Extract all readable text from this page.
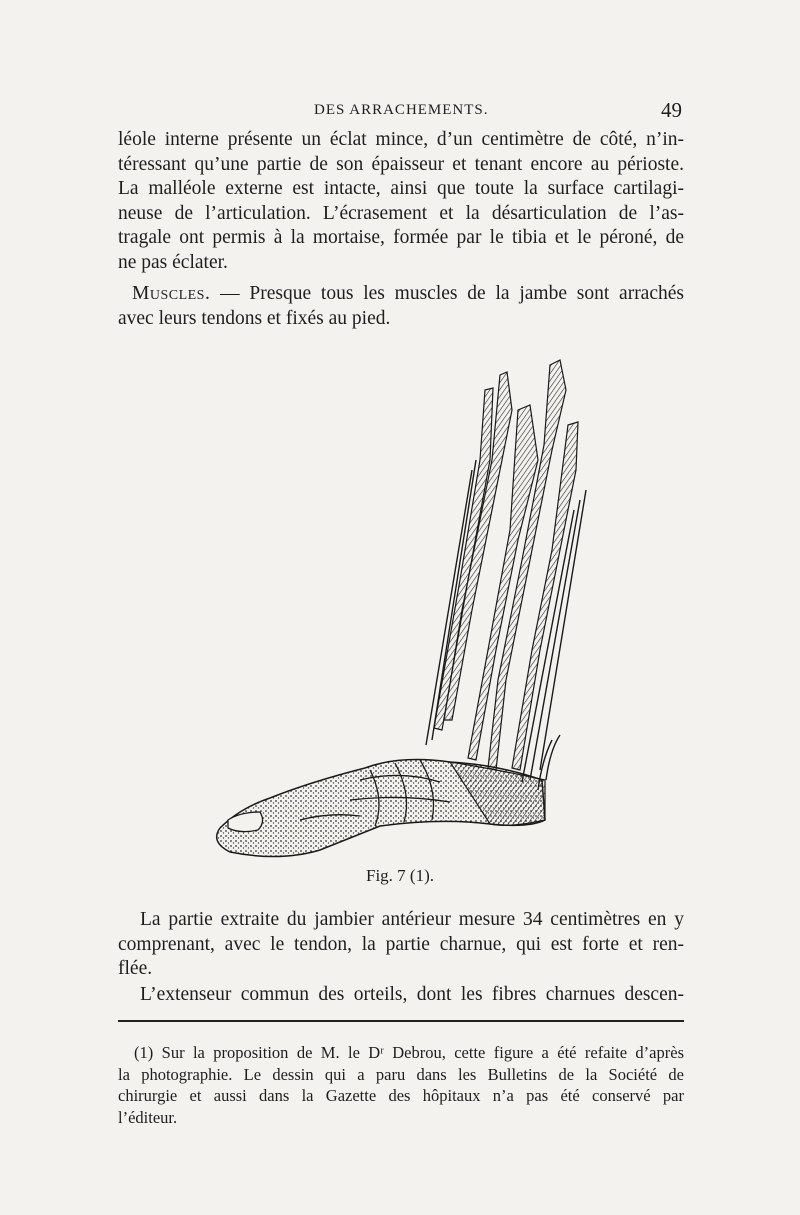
DES ARRACHEMENTS.	49

léole interne présente un éclat mince, d’un centimètre de côté, n’in-
téressant qu’une partie de son épaisseur et tenant encore au périoste.
La malléole externe est intacte, ainsi que toute la surface cartilagi-
neuse de l’articulation. L’écrasement et la désarticulation de l’as-
tragale ont permis à la mortaise, formée par le tibia et le péroné, de
ne pas éclater.

Muscles. — Presque tous les muscles de la jambe sont arrachés
avec leurs tendons et fixés au pied.

Fig. 7 (1).

La partie extraite du jambier antérieur mesure 34 centimètres en y
comprenant, avec le tendon, la partie charnue, qui est forte et ren-
flée.

L’extenseur commun des orteils, dont les fibres charnues descen-

(1) Sur la proposition de M. le Dʳ Debrou, cette figure a été refaite d’après
la photographie. Le dessin qui a paru dans les Bulletins de la Société de
chirurgie et aussi dans la Gazette des hôpitaux n’a pas été conservé par
l’éditeur.
